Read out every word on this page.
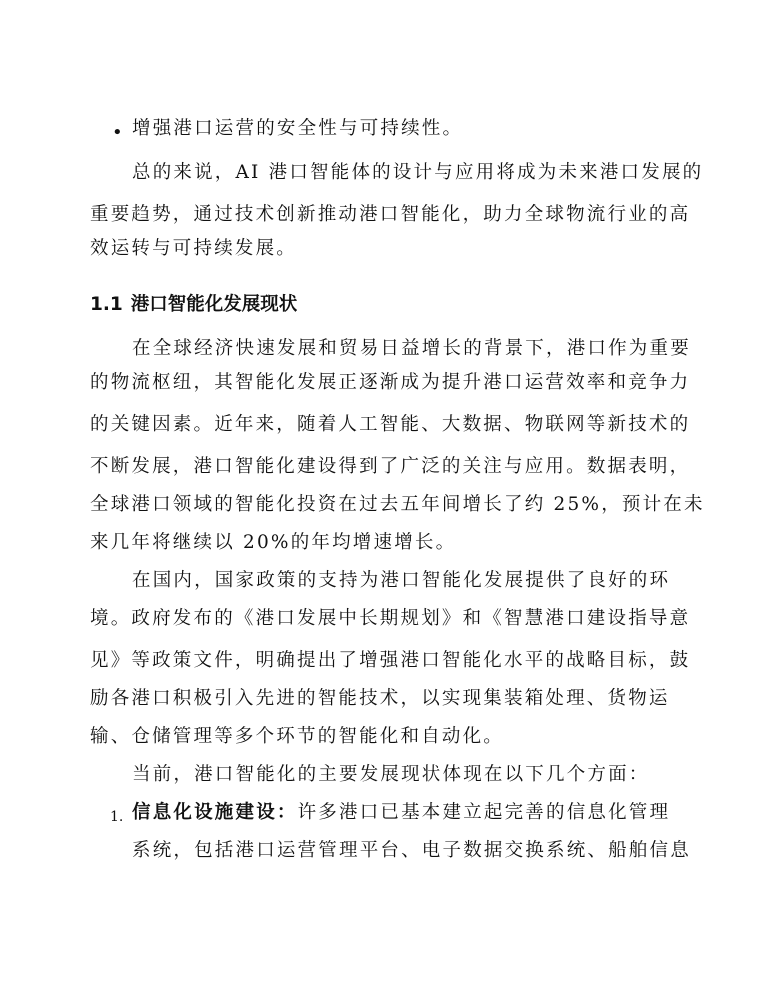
• 增强港口运营的安全性与可持续性。
总的来说，AI 港口智能体的设计与应用将成为未来港口发展的
重要趋势，通过技术创新推动港口智能化，助力全球物流行业的高
效运转与可持续发展。
1.1 港口智能化发展现状
在全球经济快速发展和贸易日益增长的背景下，港口作为重要
的物流枢纽，其智能化发展正逐渐成为提升港口运营效率和竞争力
的关键因素。近年来，随着人工智能、大数据、物联网等新技术的
不断发展，港口智能化建设得到了广泛的关注与应用。数据表明，
全球港口领域的智能化投资在过去五年间增长了约 25%，预计在未
来几年将继续以 20%的年均增速增长。
在国内，国家政策的支持为港口智能化发展提供了良好的环
境。政府发布的《港口发展中长期规划》和《智慧港口建设指导意
见》等政策文件，明确提出了增强港口智能化水平的战略目标，鼓
励各港口积极引入先进的智能技术，以实现集装箱处理、货物运
输、仓储管理等多个环节的智能化和自动化。
当前，港口智能化的主要发展现状体现在以下几个方面：
1. 信息化设施建设：许多港口已基本建立起完善的信息化管理
系统，包括港口运营管理平台、电子数据交换系统、船舶信息
